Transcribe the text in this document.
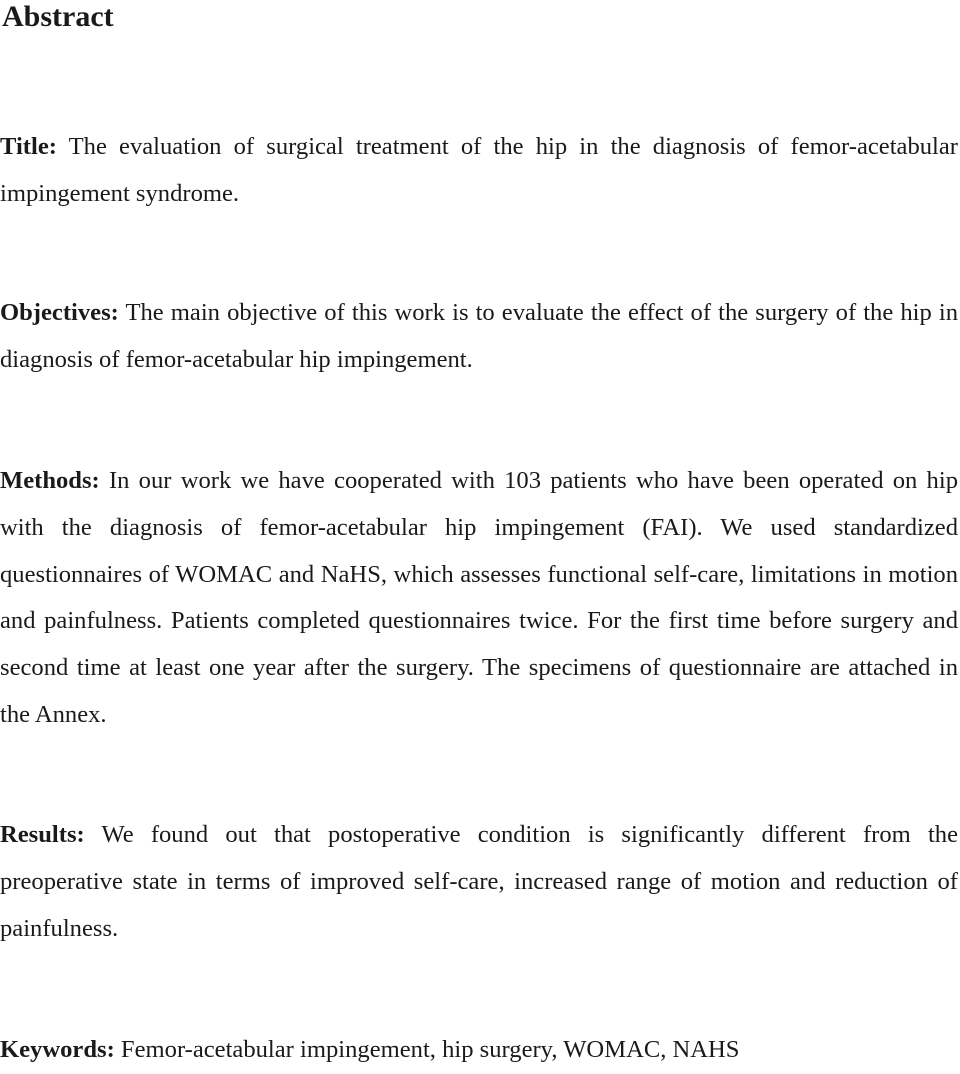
Abstract

Title: The evaluation of surgical treatment of the hip in the diagnosis of femor-acetabular impingement syndrome.

Objectives: The main objective of this work is to evaluate the effect of the surgery of the hip in diagnosis of femor-acetabular hip impingement.

Methods: In our work we have cooperated with 103 patients who have been operated on hip with the diagnosis of femor-acetabular hip impingement (FAI). We used standardized questionnaires of WOMAC and NaHS, which assesses functional self-care, limitations in motion and painfulness. Patients completed questionnaires twice. For the first time before surgery and second time at least one year after the surgery. The specimens of questionnaire are attached in the Annex.

Results: We found out that postoperative condition is significantly different from the preoperative state in terms of improved self-care, increased range of motion and reduction of painfulness.

Keywords: Femor-acetabular impingement, hip surgery, WOMAC, NAHS
